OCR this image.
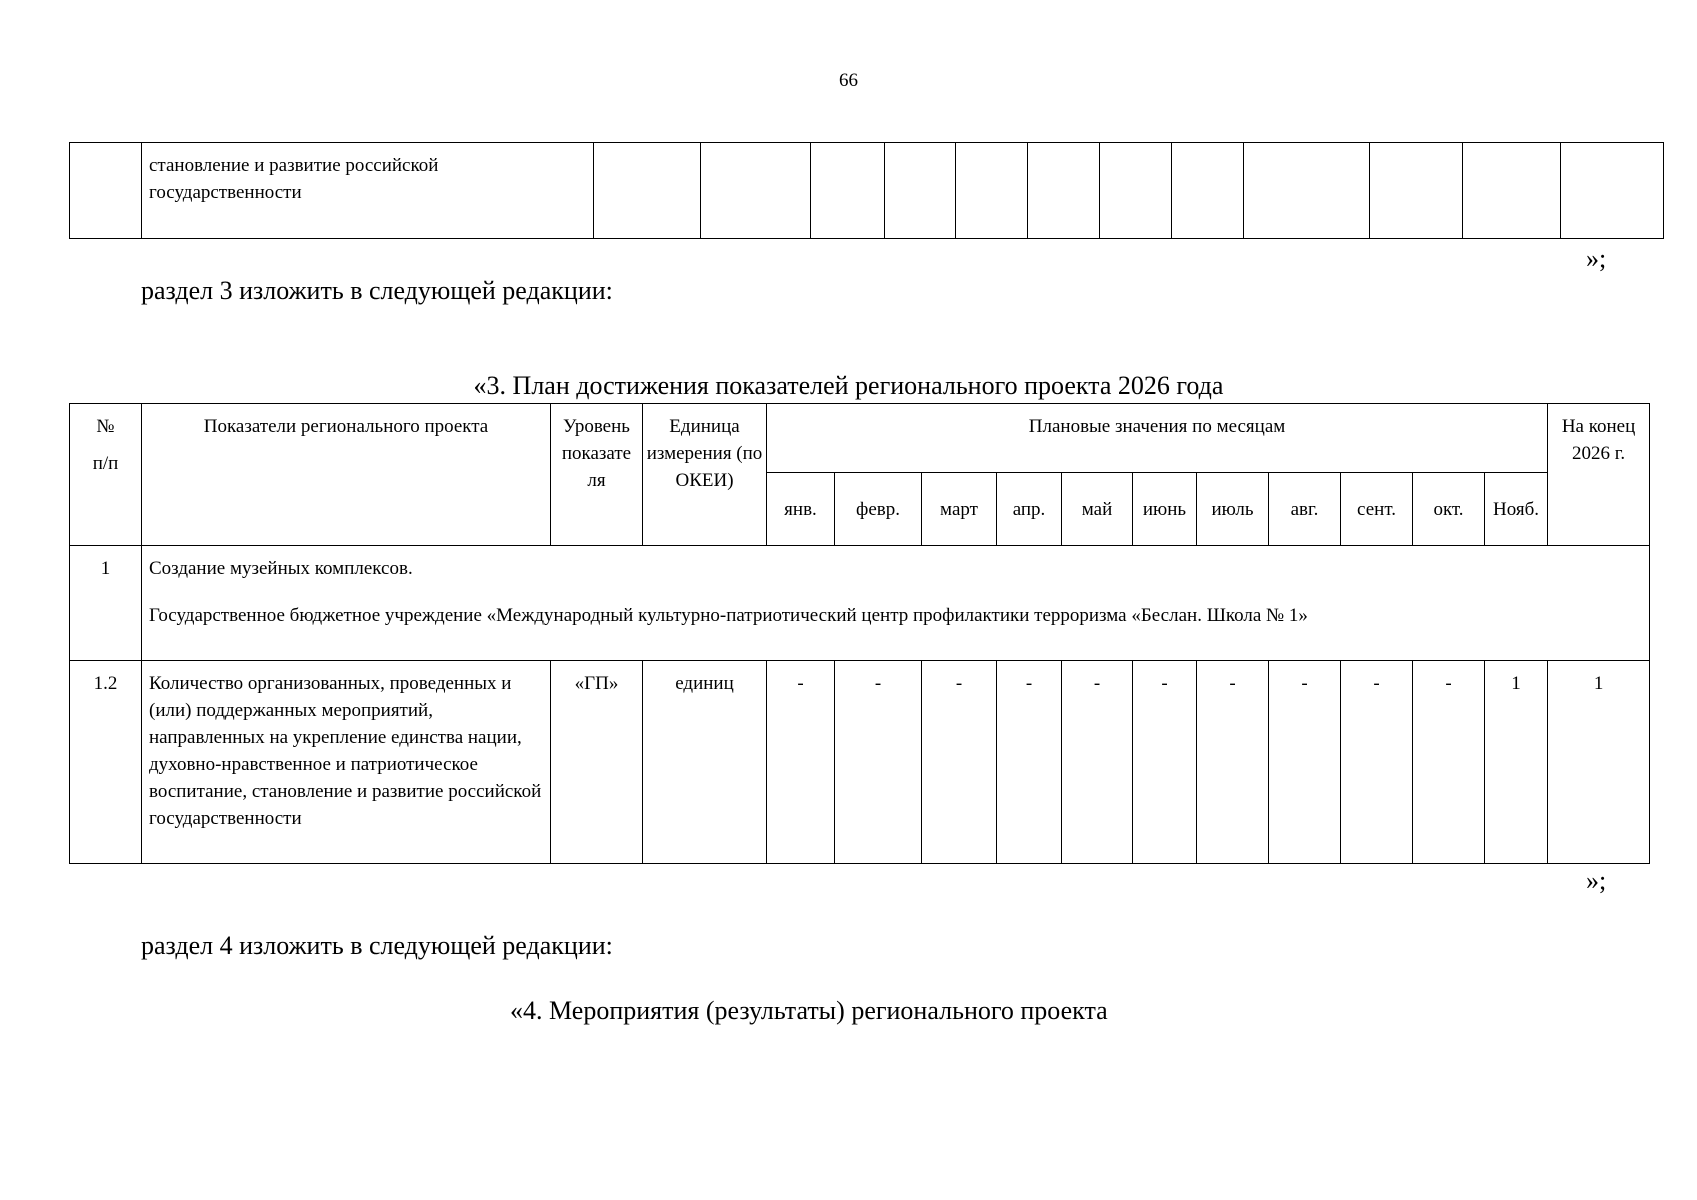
66
	становление и развитие российской государственности												
»;
раздел 3 изложить в следующей редакции:
«3. План достижения показателей регионального проекта 2026 года
№
п/п	Показатели регионального проекта	Уровень показате ля	Единица измерения (по ОКЕИ)	Плановые значения по месяцам											На конец 2026 г.
				янв.	февр.	март	апр.	май	июнь	июль	авг.	сент.	окт.	Нояб.	
1	Создание музейных комплексов.
Государственное бюджетное учреждение «Международный культурно-патриотический центр профилактики терроризма «Беслан. Школа № 1»														

1.2	Количество организованных, проведенных и (или) поддержанных мероприятий, направленных на укрепление единства нации, духовно-нравственное и патриотическое воспитание, становление и развитие российской государственности	«ГП»	единиц	-	-	-	-	-	-	-	-	-	-	1	1
»;
раздел 4 изложить в следующей редакции:
«4. Мероприятия (результаты) регионального проекта
